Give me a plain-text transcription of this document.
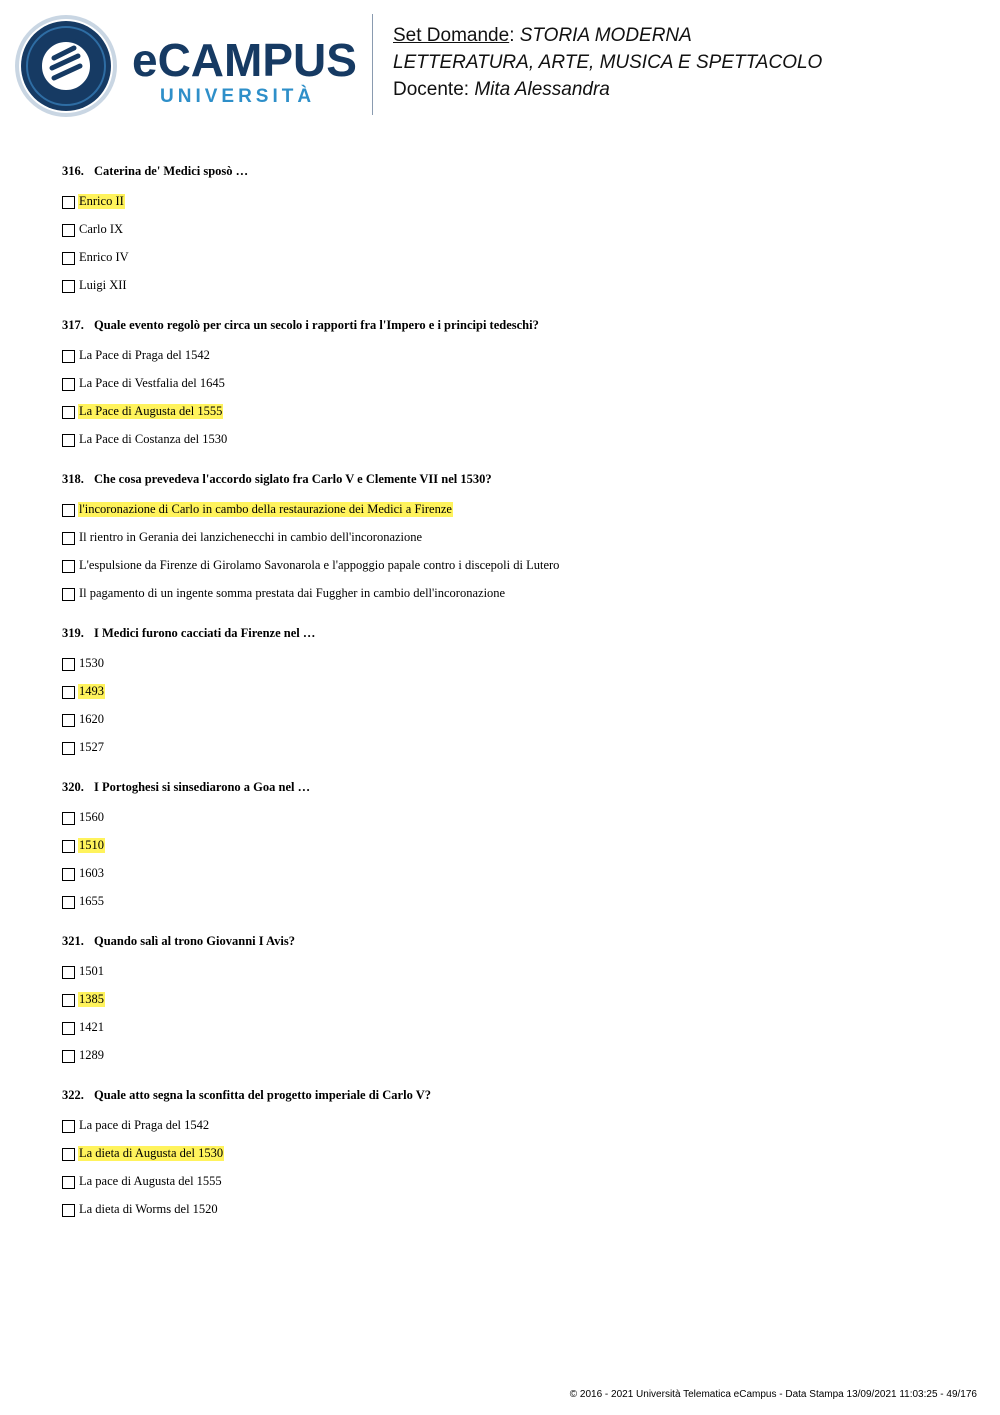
eCAMPUS
UNIVERSITÀ
Set Domande: STORIA MODERNA
LETTERATURA, ARTE, MUSICA E SPETTACOLO
Docente: Mita Alessandra
316. Caterina de' Medici sposò …
Enrico II
Carlo IX
Enrico IV
Luigi XII
317. Quale evento regolò per circa un secolo i rapporti fra l'Impero e i principi tedeschi?
La Pace di Praga del 1542
La Pace di Vestfalia del 1645
La Pace di Augusta del 1555
La Pace di Costanza del 1530
318. Che cosa prevedeva l'accordo siglato fra Carlo V e Clemente VII nel 1530?
l'incoronazione di Carlo in cambo della restaurazione dei Medici a Firenze
Il rientro in Gerania dei lanzichenecchi in cambio dell'incoronazione
L'espulsione da Firenze di Girolamo Savonarola e l'appoggio papale contro i discepoli di Lutero
Il pagamento di un ingente somma prestata dai Fuggher in cambio dell'incoronazione
319. I Medici furono cacciati da Firenze nel …
1530
1493
1620
1527
320. I Portoghesi si sinsediarono a Goa nel …
1560
1510
1603
1655
321. Quando salì al trono Giovanni I Avis?
1501
1385
1421
1289
322. Quale atto segna la sconfitta del progetto imperiale di Carlo V?
La pace di Praga del 1542
La dieta di Augusta del 1530
La pace di Augusta del 1555
La dieta di Worms del 1520
© 2016 - 2021 Università Telematica eCampus - Data Stampa 13/09/2021 11:03:25 - 49/176
